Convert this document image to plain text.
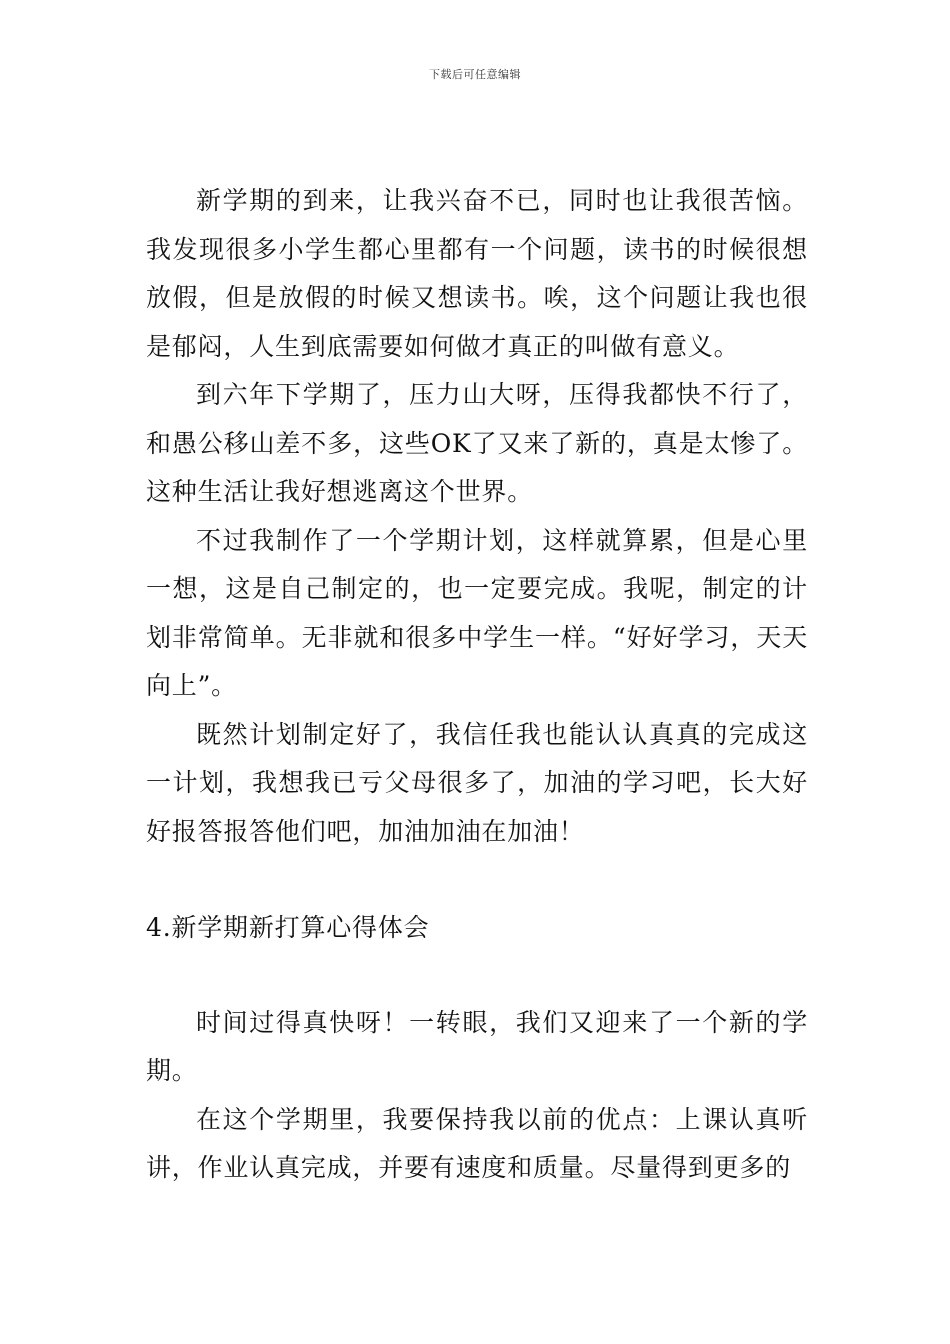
下载后可任意编辑

新学期的到来，让我兴奋不已，同时也让我很苦恼。我发现很多小学生都心里都有一个问题，读书的时候很想放假，但是放假的时候又想读书。唉，这个问题让我也很是郁闷，人生到底需要如何做才真正的叫做有意义。

到六年下学期了，压力山大呀，压得我都快不行了，和愚公移山差不多，这些OK了又来了新的，真是太惨了。这种生活让我好想逃离这个世界。

不过我制作了一个学期计划，这样就算累，但是心里一想，这是自己制定的，也一定要完成。我呢，制定的计划非常简单。无非就和很多中学生一样。“好好学习，天天向上”。

既然计划制定好了，我信任我也能认认真真的完成这一计划，我想我已亏父母很多了，加油的学习吧，长大好好报答报答他们吧，加油加油在加油！

4.新学期新打算心得体会

时间过得真快呀！一转眼，我们又迎来了一个新的学期。

在这个学期里，我要保持我以前的优点：上课认真听讲，作业认真完成，并要有速度和质量。尽量得到更多的
